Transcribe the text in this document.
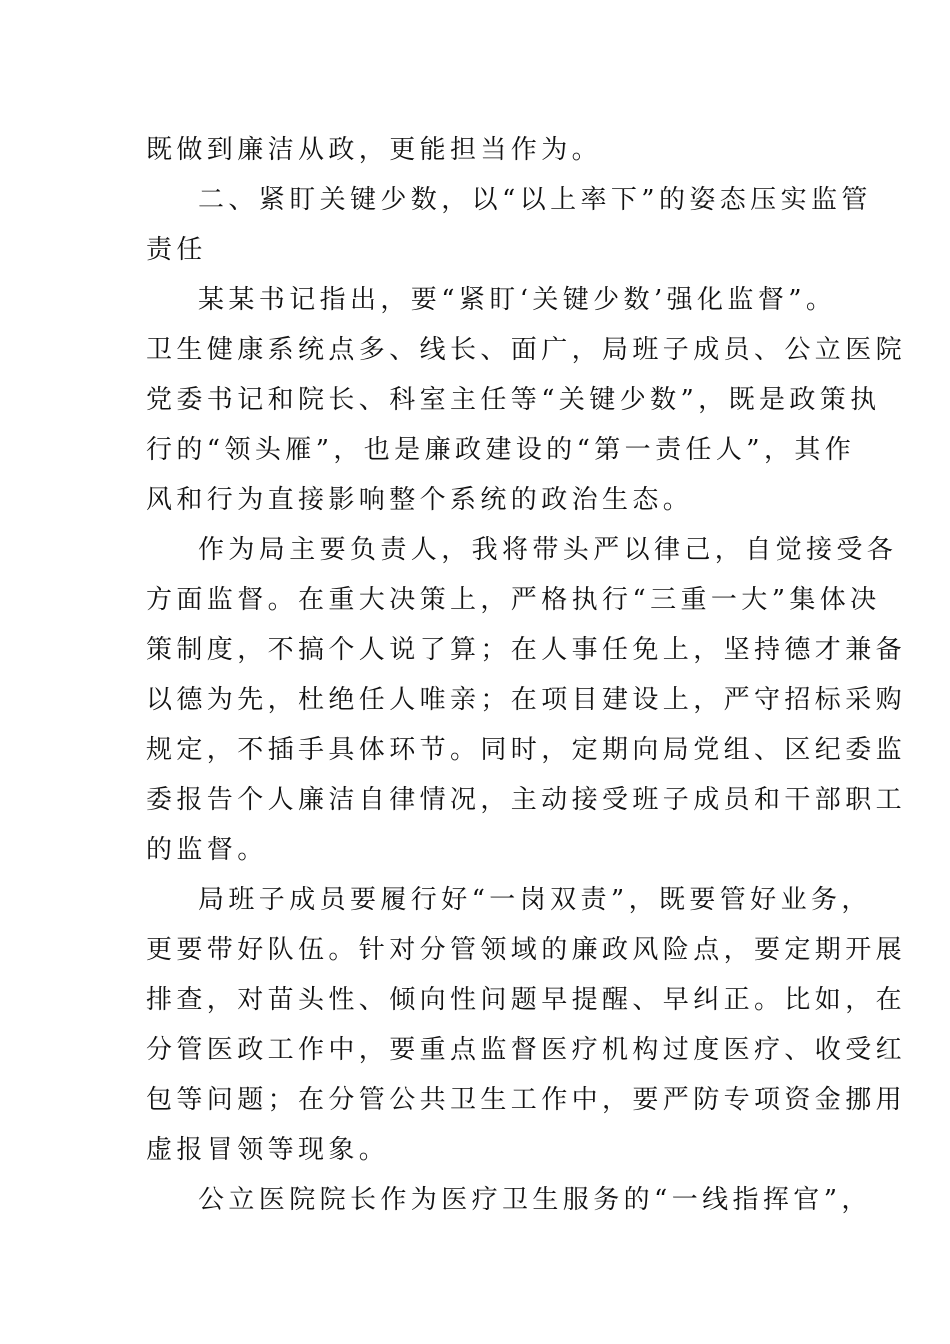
既做到廉洁从政，更能担当作为。
二、紧盯关键少数，以“以上率下”的姿态压实监管
责任
某某书记指出，要“紧盯‘关键少数’强化监督”。
卫生健康系统点多、线长、面广，局班子成员、公立医院
党委书记和院长、科室主任等“关键少数”，既是政策执
行的“领头雁”，也是廉政建设的“第一责任人”，其作
风和行为直接影响整个系统的政治生态。
作为局主要负责人，我将带头严以律己，自觉接受各
方面监督。在重大决策上，严格执行“三重一大”集体决
策制度，不搞个人说了算；在人事任免上，坚持德才兼备
以德为先，杜绝任人唯亲；在项目建设上，严守招标采购
规定，不插手具体环节。同时，定期向局党组、区纪委监
委报告个人廉洁自律情况，主动接受班子成员和干部职工
的监督。
局班子成员要履行好“一岗双责”，既要管好业务，
更要带好队伍。针对分管领域的廉政风险点，要定期开展
排查，对苗头性、倾向性问题早提醒、早纠正。比如，在
分管医政工作中，要重点监督医疗机构过度医疗、收受红
包等问题；在分管公共卫生工作中，要严防专项资金挪用
虚报冒领等现象。
公立医院院长作为医疗卫生服务的“一线指挥官”，
